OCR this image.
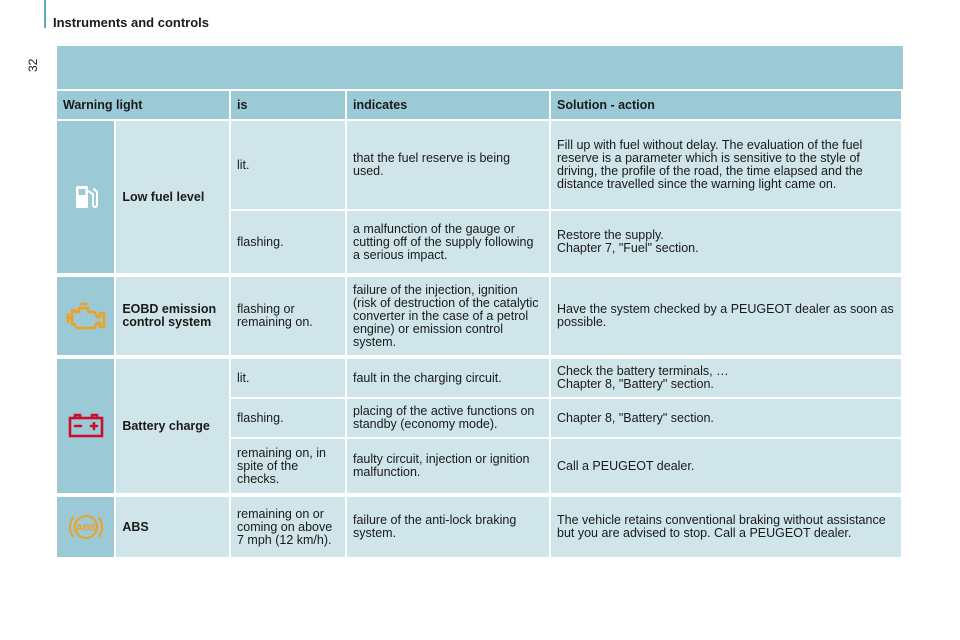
Instruments and controls
32
Warning light		is	indicates	Solution - action
	Low fuel level	lit.	that the fuel reserve is being used.	Fill up with fuel without delay. The evaluation of the fuel reserve is a parameter which is sensitive to the style of driving, the profile of the road, the time elapsed and the distance travelled since the warning light came on.
		flashing.	a malfunction of the gauge or cutting off of the supply following a serious impact.	Restore the supply.
Chapter 7, "Fuel" section.

	EOBD emission control system	flashing or remaining on.	failure of the injection, ignition (risk of destruction of the catalytic converter in the case of a petrol engine) or emission control system.	Have the system checked by a PEUGEOT dealer as soon as possible.

	Battery charge	lit.	fault in the charging circuit.	Check the battery terminals, …
Chapter 8, "Battery" section.
		flashing.	placing of the active functions on standby (economy mode).	Chapter 8, "Battery" section.
		remaining on, in spite of the checks.	faulty circuit, injection or ignition malfunction.	Call a PEUGEOT dealer.

ABS	ABS	remaining on or coming on above 7 mph (12 km/h).	failure of the anti-lock braking system.	The vehicle retains conventional braking without assistance but you are advised to stop. Call a PEUGEOT dealer.
